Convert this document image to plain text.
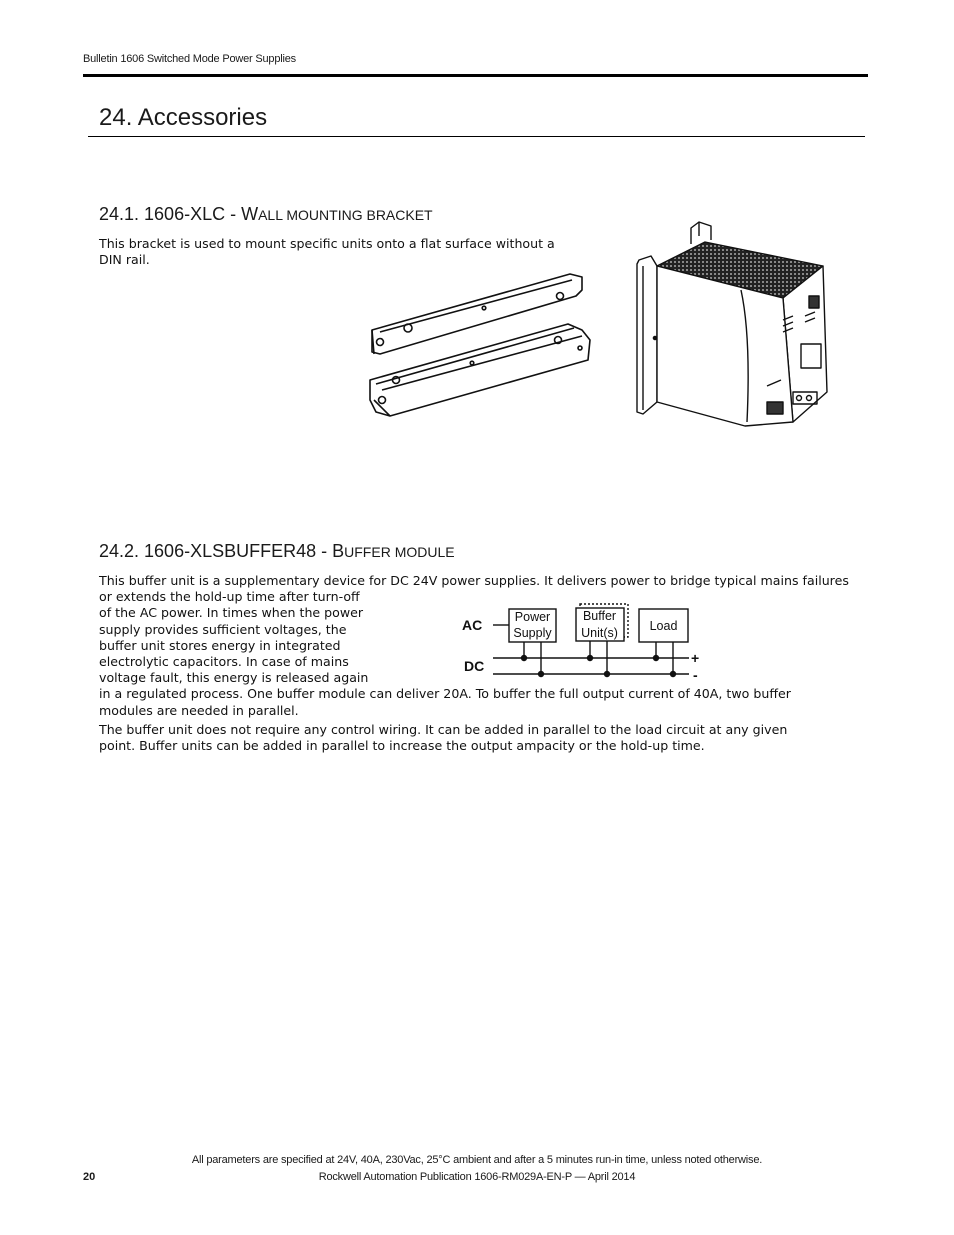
Bulletin 1606 Switched Mode Power Supplies
24. Accessories
24.1. 1606-XLC - WALL MOUNTING BRACKET
This bracket is used to mount specific units onto a flat surface without a
DIN rail.
24.2. 1606-XLSBUFFER48 - BUFFER MODULE
This buffer unit is a supplementary device for DC 24V power supplies. It delivers power to bridge typical mains failures
or extends the hold-up time after turn-off
of the AC power. In times when the power
supply provides sufficient voltages, the
buffer unit stores energy in integrated
electrolytic capacitors. In case of mains
voltage fault, this energy is released again
in a regulated process. One buffer module can deliver 20A. To buffer the full output current of 40A, two buffer
modules are needed in parallel.
The buffer unit does not require any control wiring. It can be added in parallel to the load circuit at any given
point. Buffer units can be added in parallel to increase the output ampacity or the hold-up time.
AC
DC	+
-
Power
Supply
Buffer
Unit(s)	Load
All parameters are specified at 24V, 40A, 230Vac, 25°C ambient and after a 5 minutes run-in time, unless noted otherwise.
Rockwell Automation Publication 1606-RM029A-EN-P — April 2014
20
